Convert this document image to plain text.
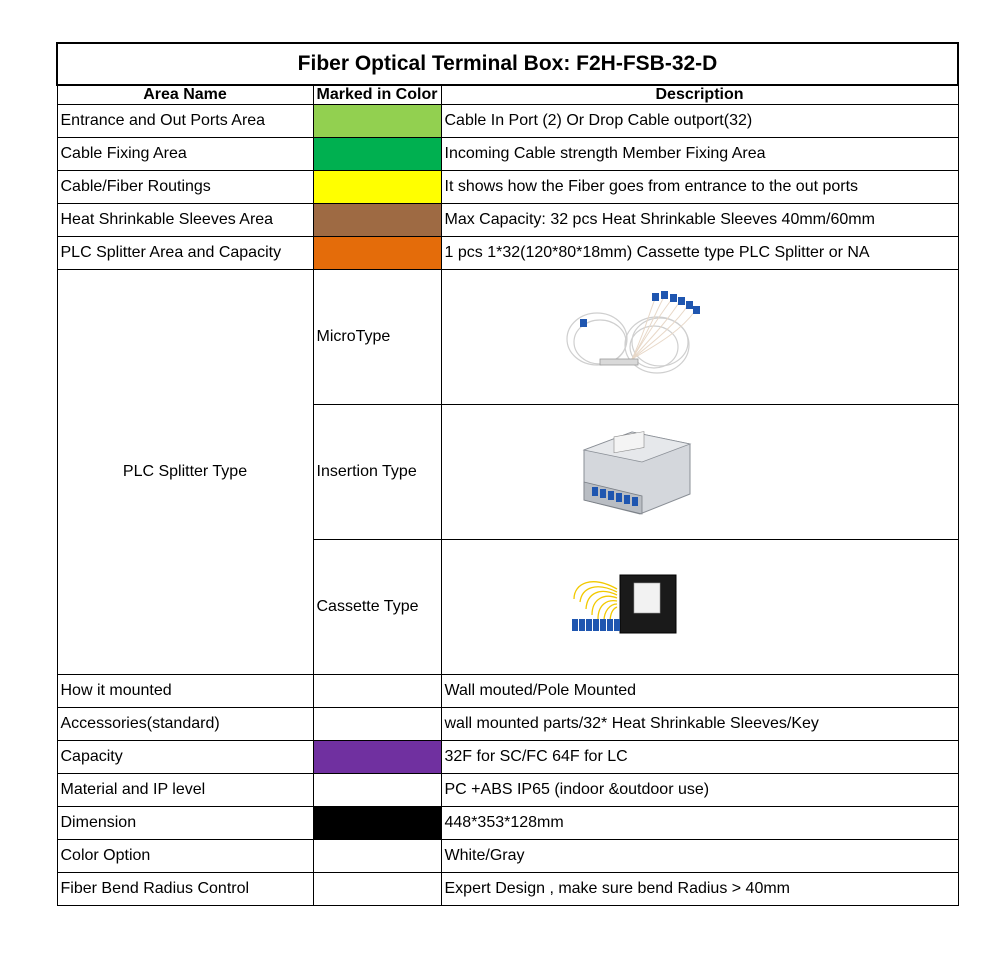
Fiber Optical Terminal Box: F2H-FSB-32-D		
Area Name	Marked in Color	Description
Entrance and Out Ports Area		Cable In Port (2) Or Drop Cable outport(32)
Cable Fixing Area		Incoming Cable strength Member Fixing Area
Cable/Fiber Routings		It shows how the Fiber goes from entrance to the out ports
Heat Shrinkable Sleeves Area		Max Capacity: 32 pcs Heat Shrinkable Sleeves 40mm/60mm
PLC Splitter Area and Capacity		1 pcs 1*32(120*80*18mm) Cassette type PLC Splitter or NA
PLC Splitter Type	MicroType	

	Insertion Type	

	Cassette Type	

How it mounted		Wall mouted/Pole Mounted
Accessories(standard)		wall mounted parts/32* Heat Shrinkable Sleeves/Key
Capacity		32F for SC/FC 64F for LC
Material and IP level		PC +ABS IP65 (indoor &outdoor use)
Dimension		448*353*128mm
Color Option		White/Gray
Fiber Bend Radius Control		Expert Design , make sure bend Radius > 40mm
